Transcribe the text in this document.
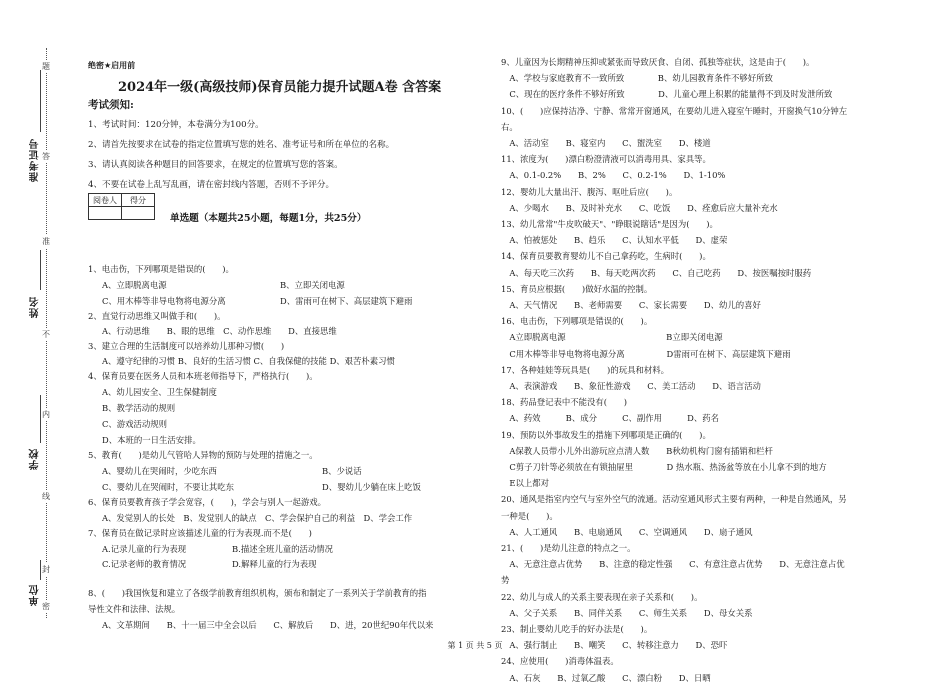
题
答
准
不
内
线
封
密
准考证号
姓名
学校
单位
绝密★启用前
2024年一级(高级技师)保育员能力提升试题A卷 含答案
考试须知:
1、考试时间：120分钟，本卷满分为100分。
2、请首先按要求在试卷的指定位置填写您的姓名、准考证号和所在单位的名称。
3、请认真阅读各种题目的回答要求，在规定的位置填写您的答案。
4、不要在试卷上乱写乱画，请在密封线内答题，否则不予评分。
阅卷人	得分

单选题（本题共25小题，每题1分，共25分）
1、电击伤，下列哪项是错误的(　　)。
A、立即脱离电源	B、立即关闭电源
C、用木棒等非导电物将电源分离	D、雷雨可在树下、高层建筑下避雨
2、直觉行动思维又叫做手和(　　)。
A、行动思维　　B、眼的思维　C、动作思维　　D、直接思维
3、建立合理的生活制度可以培养幼儿那种习惯(　　)
A、遵守纪律的习惯 B、良好的生活习惯 C、自我保健的技能 D、艰苦朴素习惯
4、保育员要在医务人员和本班老师指导下，严格执行(　　)。
A、幼儿园安全、卫生保健制度
B、教学活动的规则
C、游戏活动规则
D、本班的一日生活安排。
5、教育(　　)是幼儿气管哈人异物的预防与处理的措施之一。
A、婴幼儿在哭闹时，少吃东西	B、少说话
C、婴幼儿在哭闹时，不要让其吃东	D、婴幼儿少躺在床上吃饭
6、保育员要教育孩子学会宽容，(　　)，学会与别人一起游戏。
A、发觉别人的长处　B、发觉别人的缺点　C、学会保护自己的利益　D、学会工作
7、保育员在做记录时应该描述儿童的行为表现.而不是(　　)
A.记录儿童的行为表现	B.描述全班儿童的活动情况
C.记录老师的教育情况	D.解释儿童的行为表现
8、(　　)我国恢复和建立了各级学前教育组织机构，颁布和制定了一系列关于学前教育的指
导性文件和法律、法规。
A、文革期间　　B、十一届三中全会以后　　C、解放后　　D、进，20世纪90年代以来
9、儿童因为长期精神压抑或紧张而导致厌食、自闭、孤独等症状，这是由于(　　)。
　A、学校与家庭教育不一致所致　　　　B、幼儿园教育条件不够好所致
　C、现在的医疗条件不够好所致　　　　D、儿童心理上积累的能量得不到及时发泄所致
10、(　　)应保持洁净、宁静、常常开窗通风，在要幼儿进入寝室午睡时，开窗换气10分钟左
右。
　A、活动室　　B、寝室内　　C、盥洗室　　D、楼道
11、浓度为(　　)漂白粉澄清液可以消毒用具、家具等。
　A、0.1-0.2%　　B、2%　　C、0.2-1%　　D、1-10%
12、婴幼儿大量出汗、腹泻、呕吐后应(　　)。
　A、少喝水　　B、及时补充水　　C、吃饭　　D、痊愈后应大量补充水
13、幼儿常常"牛皮吹破天"、"睁眼说瞎话"是因为(　　)。
　A、怕被惩处　　B、趋乐　　C、认知水平低　　D、虚荣
14、保育员要教育婴幼儿不自己拿药吃，生病时(　　)。
　A、每天吃三次药　　B、每天吃两次药　　C、自己吃药　　D、按医嘱按时服药
15、育员应根据(　　)做好水温的控制。
　A、天气情况　　B、老师需要　　C、家长需要　　D、幼儿的喜好
16、电击伤，下列哪项是错误的(　　)。
　A立即脱离电源　　　　　　　　　　　　B立即关闭电源
　C用木棒等非导电物将电源分离　　　　　D雷雨可在树下、高层建筑下避雨
17、各种娃娃等玩具是(　　)的玩具和材料。
　A、表演游戏　　B、象征性游戏　　C、美工活动　　D、语言活动
18、药品登记表中不能没有(　　)
　A、药效　　　B、成分　　　C、副作用　　　D、药名
19、预防以外事故发生的措施下列哪项是正确的(　　)。
　A保教人员带小儿外出游玩应点清人数　　B秋幼机构门窗有插销和栏杆
　C剪子刀针等必须放在有锁抽屉里　　　　D 热水瓶、热汤盆等放在小儿拿不到的地方
　E以上都对
20、通风是指室内空气与室外空气的流通。活动室通风形式主要有两种，一种是自然通风，另
一种是(　　)。
　A、人工通风　　B、电扇通风　　C、空调通风　　D、扇子通风
21、(　　)是幼儿注意的特点之一。
　A、无意注意占优势　　B、注意的稳定性强　　C、有意注意占优势　　D、无意注意占优
势
22、幼儿与成人的关系主要表现在亲子关系和(　　)。
　A、父子关系　　B、同伴关系　　C、师生关系　　D、母女关系
23、制止婴幼儿吃手的好办法是(　　)。
　A、强行制止　　B、嘲笑　　C、转移注意力　　D、恐吓
24、应使用(　　)消毒体温表。
　A、石灰　　B、过氧乙酸　　C、漂白粉　　D、日晒
第 1 页 共 5 页
